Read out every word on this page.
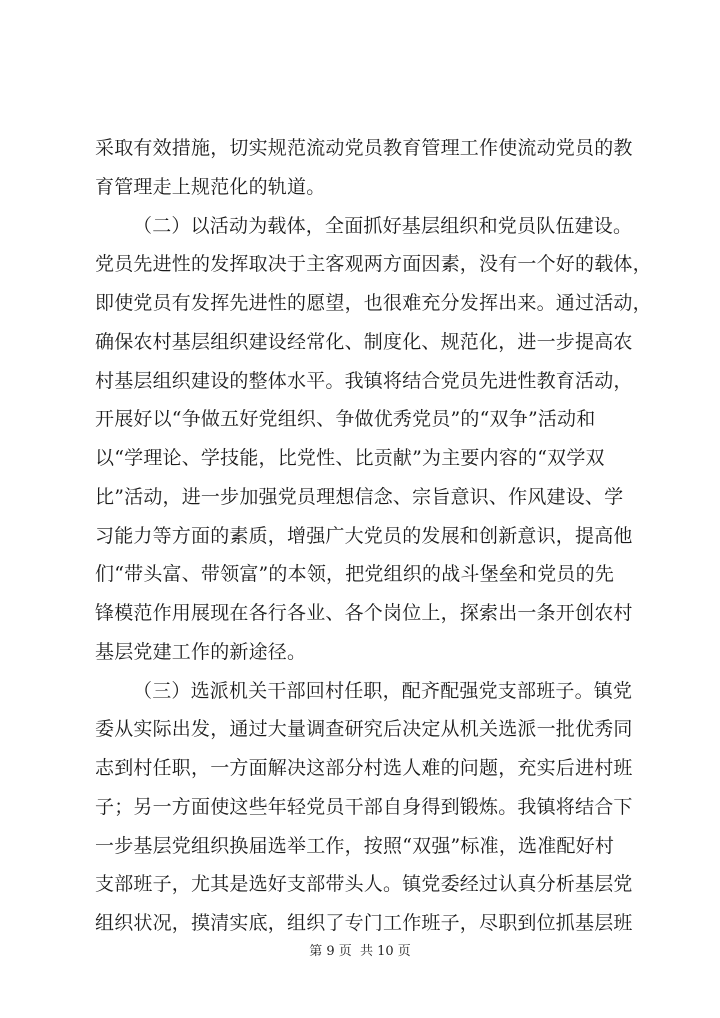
采取有效措施，切实规范流动党员教育管理工作使流动党员的教
育管理走上规范化的轨道。
（二）以活动为载体，全面抓好基层组织和党员队伍建设。
党员先进性的发挥取决于主客观两方面因素，没有一个好的载体，
即使党员有发挥先进性的愿望，也很难充分发挥出来。通过活动，
确保农村基层组织建设经常化、制度化、规范化，进一步提高农
村基层组织建设的整体水平。我镇将结合党员先进性教育活动，
开展好以“争做五好党组织、争做优秀党员”的“双争”活动和
以“学理论、学技能，比党性、比贡献”为主要内容的“双学双
比”活动，进一步加强党员理想信念、宗旨意识、作风建设、学
习能力等方面的素质，增强广大党员的发展和创新意识，提高他
们“带头富、带领富”的本领，把党组织的战斗堡垒和党员的先
锋模范作用展现在各行各业、各个岗位上，探索出一条开创农村
基层党建工作的新途径。
（三）选派机关干部回村任职，配齐配强党支部班子。镇党
委从实际出发，通过大量调查研究后决定从机关选派一批优秀同
志到村任职，一方面解决这部分村选人难的问题，充实后进村班
子；另一方面使这些年轻党员干部自身得到锻炼。我镇将结合下
一步基层党组织换届选举工作，按照“双强”标准，选准配好村
支部班子，尤其是选好支部带头人。镇党委经过认真分析基层党
组织状况，摸清实底，组织了专门工作班子，尽职到位抓基层班
第 9 页 共 10 页
